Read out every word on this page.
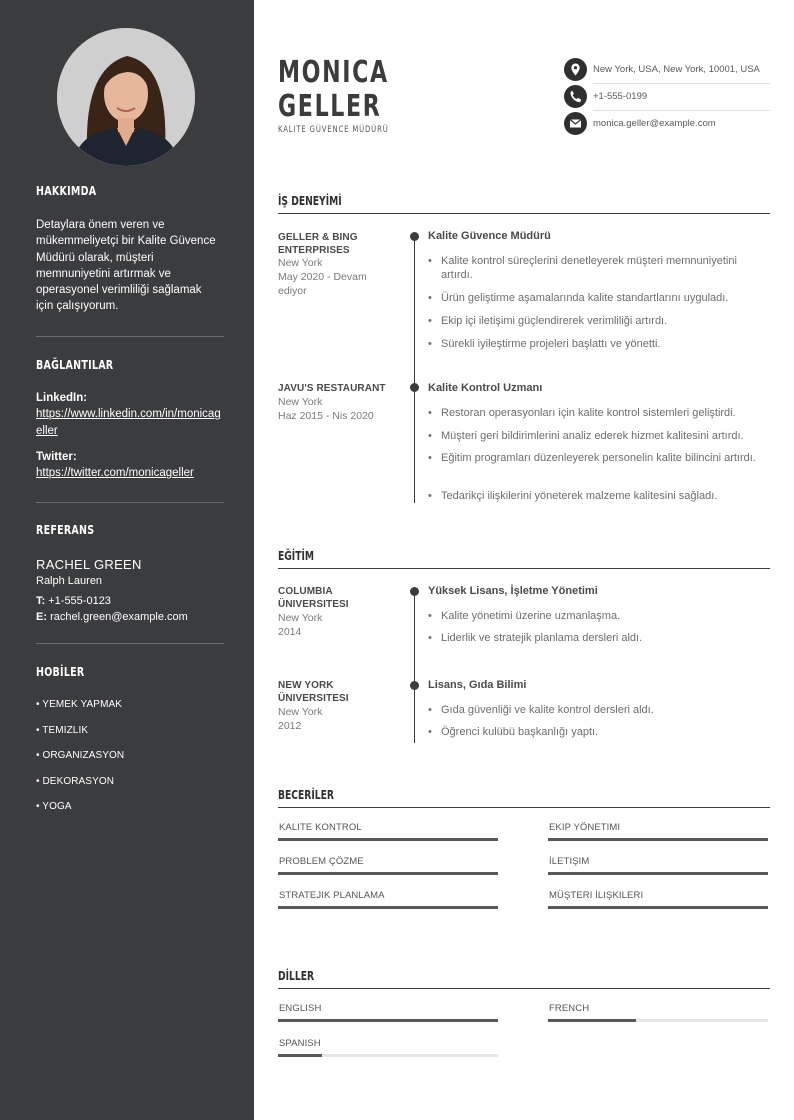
HAKKIMDA
Detaylara önem veren ve mükemmeliyetçi bir Kalite Güvence Müdürü olarak, müşteri memnuniyetini artırmak ve operasyonel verimliliği sağlamak için çalışıyorum.
BAĞLANTILAR
LinkedIn:
https://www.linkedin.com/in/monicageller
Twitter:
https://twitter.com/monicageller
REFERANS
RACHEL GREEN
Ralph Lauren
T: +1-555-0123
E: rachel.green@example.com
HOBİLER
• YEMEK YAPMAK
• TEMIZLIK
• ORGANIZASYON
• DEKORASYON
• YOGA
MONICA
GELLER
KALITE GÜVENCE MÜDÜRÜ
New York, USA, New York, 10001, USA
+1-555-0199
monica.geller@example.com
İŞ DENEYİMİ
GELLER & BING ENTERPRISES
New York
May 2020 - Devam ediyor
Kalite Güvence Müdürü
• Kalite kontrol süreçlerini denetleyerek müşteri memnuniyetini artırdı.
• Ürün geliştirme aşamalarında kalite standartlarını uyguladı.
• Ekip içi iletişimi güçlendirerek verimliliği artırdı.
• Sürekli iyileştirme projeleri başlattı ve yönetti.
JAVU'S RESTAURANT
New York
Haz 2015 - Nis 2020
Kalite Kontrol Uzmanı
• Restoran operasyonları için kalite kontrol sistemleri geliştirdi.
• Müşteri geri bildirimlerini analiz ederek hizmet kalitesini artırdı.
• Eğitim programları düzenleyerek personelin kalite bilincini artırdı.
• Tedarikçi ilişkilerini yöneterek malzeme kalitesini sağladı.
EĞİTİM
COLUMBIA ÜNIVERSITESI
New York
2014
Yüksek Lisans, İşletme Yönetimi
• Kalite yönetimi üzerine uzmanlaşma.
• Liderlik ve stratejik planlama dersleri aldı.
NEW YORK ÜNIVERSITESI
New York
2012
Lisans, Gıda Bilimi
• Gıda güvenliği ve kalite kontrol dersleri aldı.
• Öğrenci kulübü başkanlığı yaptı.
BECERİLER
KALITE KONTROL	EKIP YÖNETIMI
PROBLEM ÇÖZME	İLETIŞIM
STRATEJIK PLANLAMA	MÜŞTERI İLIŞKILERI
DİLLER
ENGLISH	FRENCH
SPANISH
